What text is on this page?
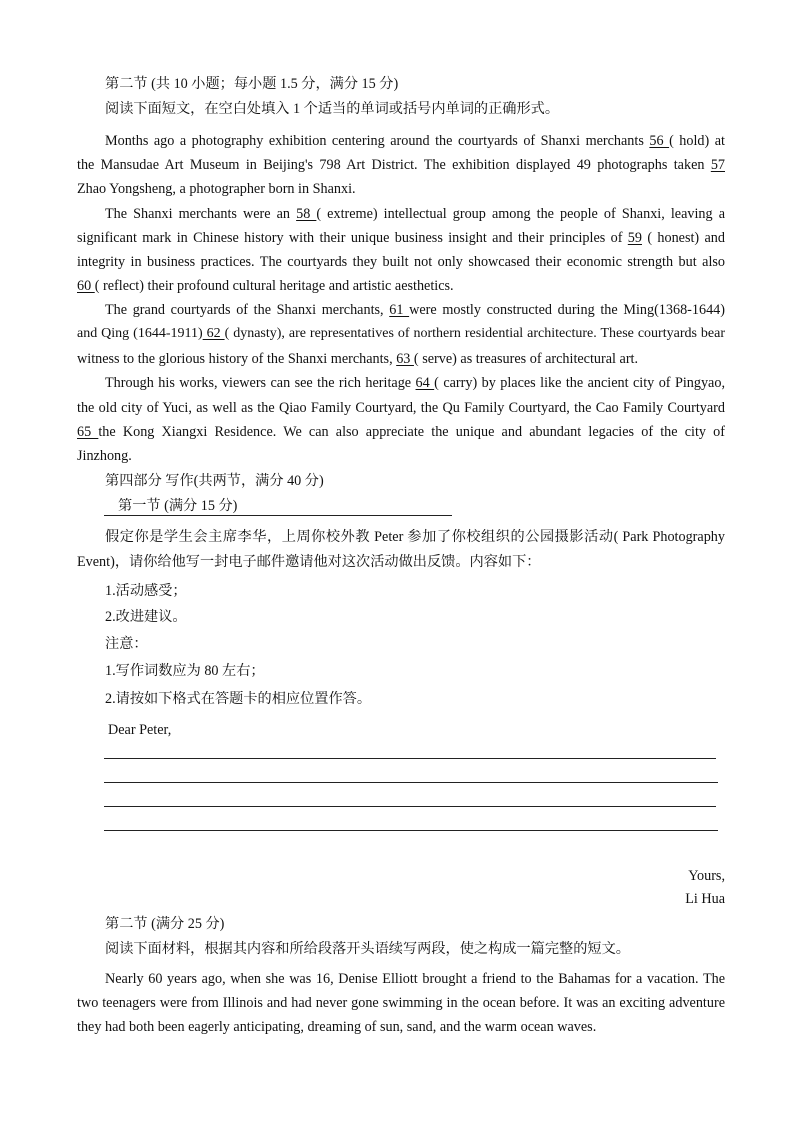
第二节 (共 10 小题；每小题 1.5 分，满分 15 分)
阅读下面短文，在空白处填入 1 个适当的单词或括号内单词的正确形式。
Months ago a photography exhibition centering around the courtyards of Shanxi merchants 56 ( hold) at
the Mansudae Art Museum in Beijing's 798 Art District. The exhibition displayed 49 photographs taken 57
Zhao Yongsheng, a photographer born in Shanxi.
The Shanxi merchants were an 58 ( extreme) intellectual group among the people of Shanxi, leaving a
significant mark in Chinese history with their unique business insight and their principles of 59 ( honest) and
integrity in business practices. The courtyards they built not only showcased their economic strength but also
60 ( reflect) their profound cultural heritage and artistic aesthetics.
The grand courtyards of the Shanxi merchants, 61 were mostly constructed during the Ming(1368-1644)
and Qing (1644-1911) 62 ( dynasty), are representatives of northern residential architecture. These courtyards bear
witness to the glorious history of the Shanxi merchants, 63 ( serve) as treasures of architectural art.
Through his works, viewers can see the rich heritage 64 ( carry) by places like the ancient city of Pingyao,
the old city of Yuci, as well as the Qiao Family Courtyard, the Qu Family Courtyard, the Cao Family Courtyard
65 the Kong Xiangxi Residence. We can also appreciate the unique and abundant legacies of the city of
Jinzhong.
第四部分 写作(共两节，满分 40 分)
第一节 (满分 15 分)
假定你是学生会主席李华，上周你校外教 Peter 参加了你校组织的公园摄影活动( Park Photography
Event)，请你给他写一封电子邮件邀请他对这次活动做出反馈。内容如下：
1.活动感受；
2.改进建议。
注意：
1.写作词数应为 80 左右；
2.请按如下格式在答题卡的相应位置作答。
Dear Peter,
Yours,
Li Hua
第二节 (满分 25 分)
阅读下面材料，根据其内容和所给段落开头语续写两段，使之构成一篇完整的短文。
Nearly 60 years ago, when she was 16, Denise Elliott brought a friend to the Bahamas for a vacation. The
two teenagers were from Illinois and had never gone swimming in the ocean before. It was an exciting adventure
they had both been eagerly anticipating, dreaming of sun, sand, and the warm ocean waves.
